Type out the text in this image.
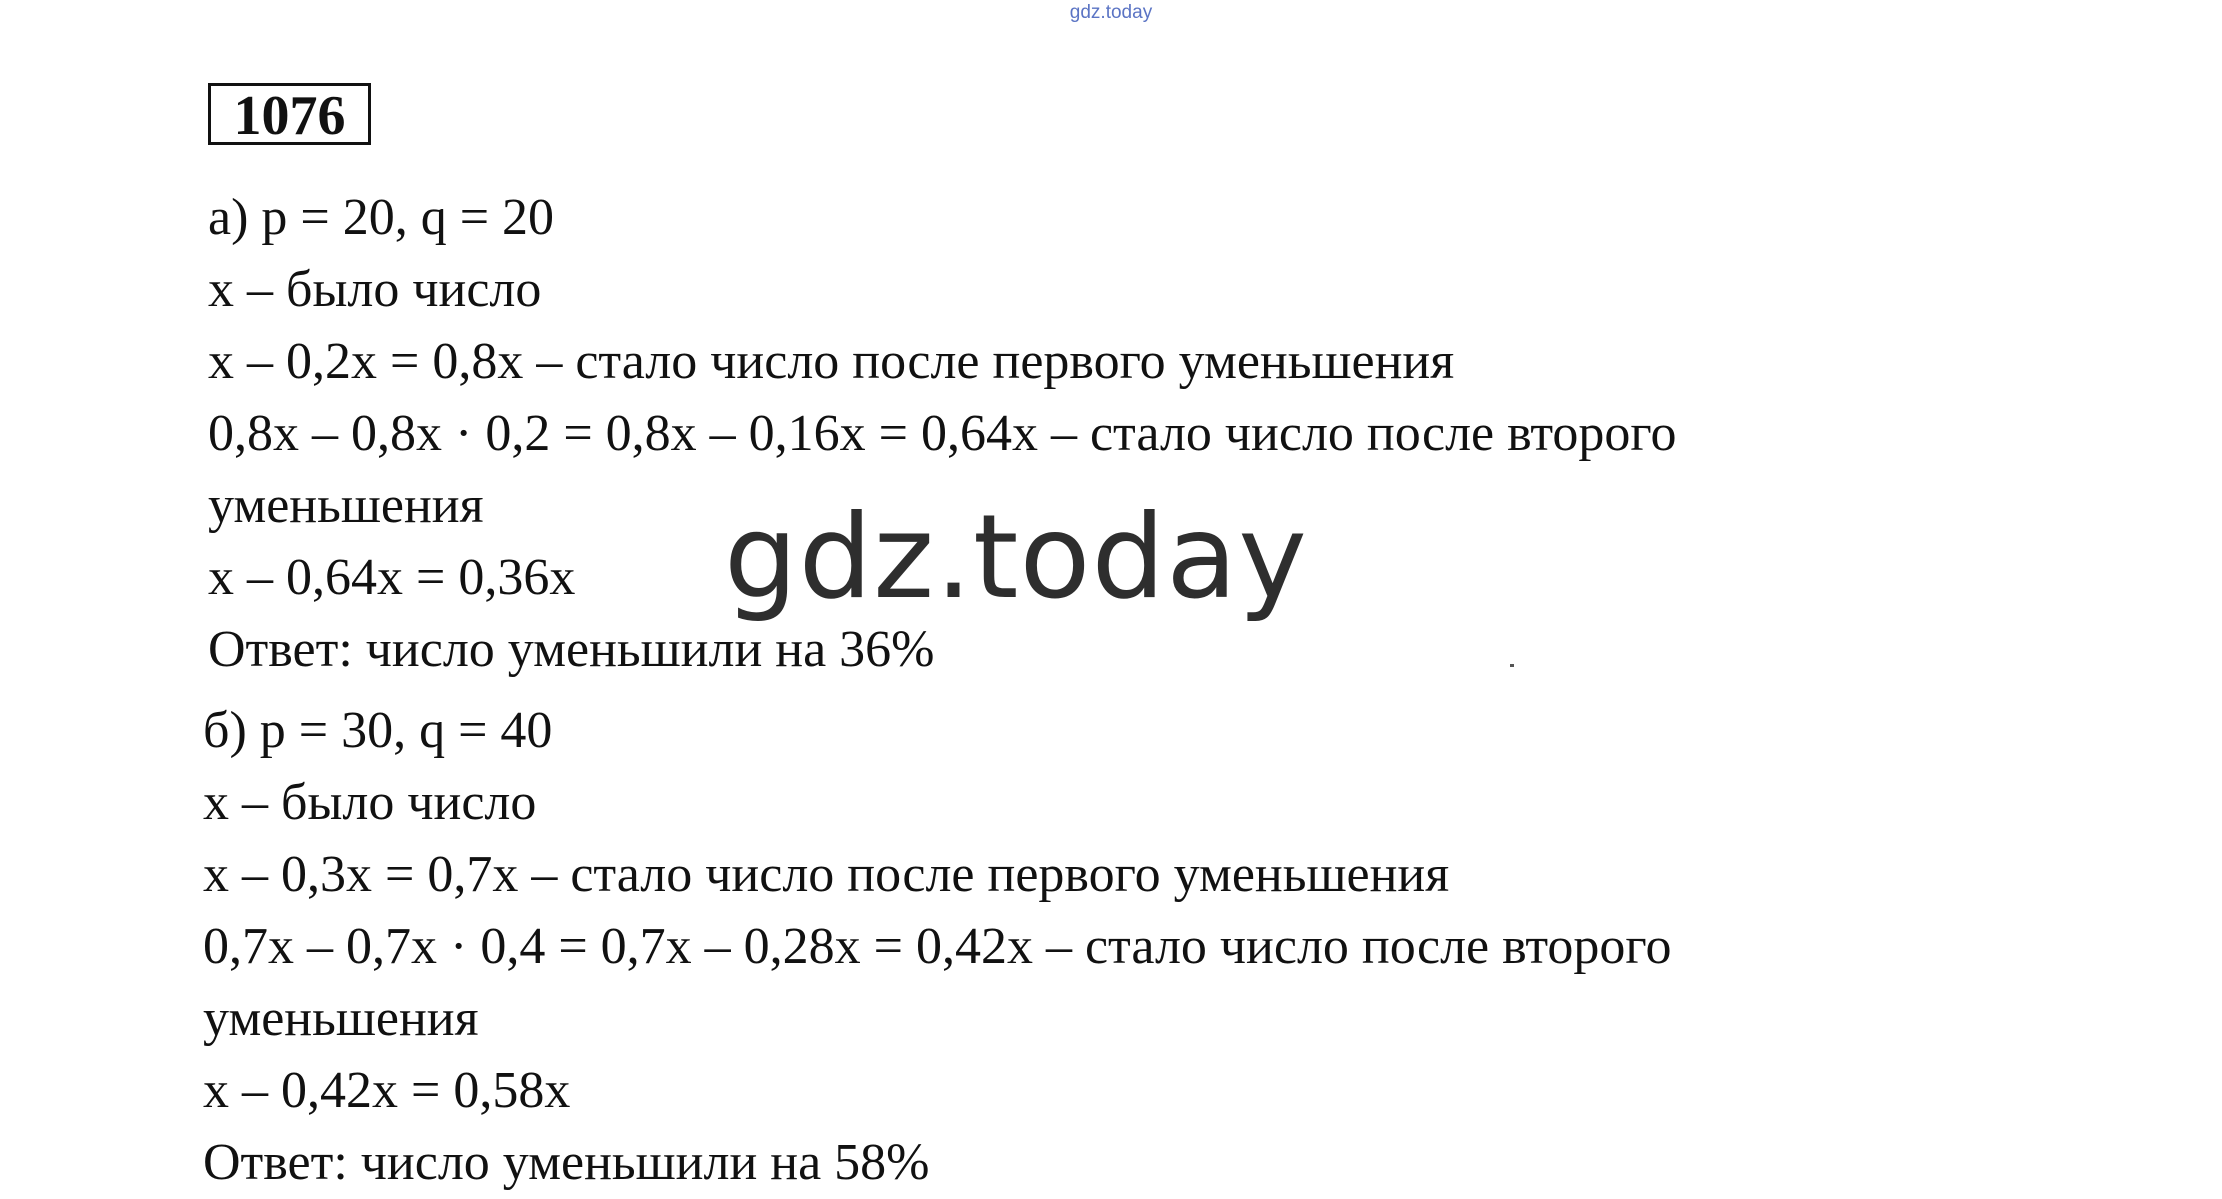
gdz.today
1076
а) p = 20, q = 20
x – было число
x – 0,2x = 0,8x – стало число после первого уменьшения
0,8x – 0,8x · 0,2 = 0,8x – 0,16x = 0,64x – стало число после второго
уменьшения
x – 0,64x = 0,36x
Ответ: число уменьшили на 36%
б) p = 30, q = 40
x – было число
x – 0,3x = 0,7x – стало число после первого уменьшения
0,7x – 0,7x · 0,4 = 0,7x – 0,28x = 0,42x – стало число после второго
уменьшения
x – 0,42x = 0,58x
Ответ: число уменьшили на 58%
gdz.today
